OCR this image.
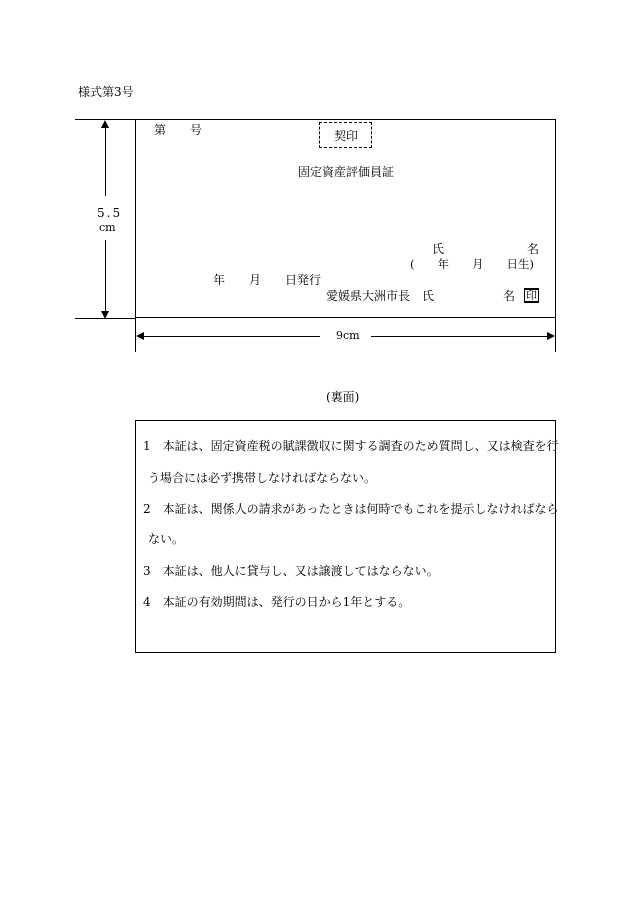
様式第3号
第　　号	契印
固定資産評価員証
氏	名
(　　年　　月　　日生)
年　　月　　日発行
愛媛県大洲市長　氏	名 印
5.5
cm
9cm
(裏面)
1　本証は、固定資産税の賦課徴収に関する調査のため質問し、又は検査を行
う場合には必ず携帯しなければならない。
2　本証は、関係人の請求があったときは何時でもこれを提示しなければなら
ない。
3　本証は、他人に貸与し、又は譲渡してはならない。
4　本証の有効期間は、発行の日から1年とする。
